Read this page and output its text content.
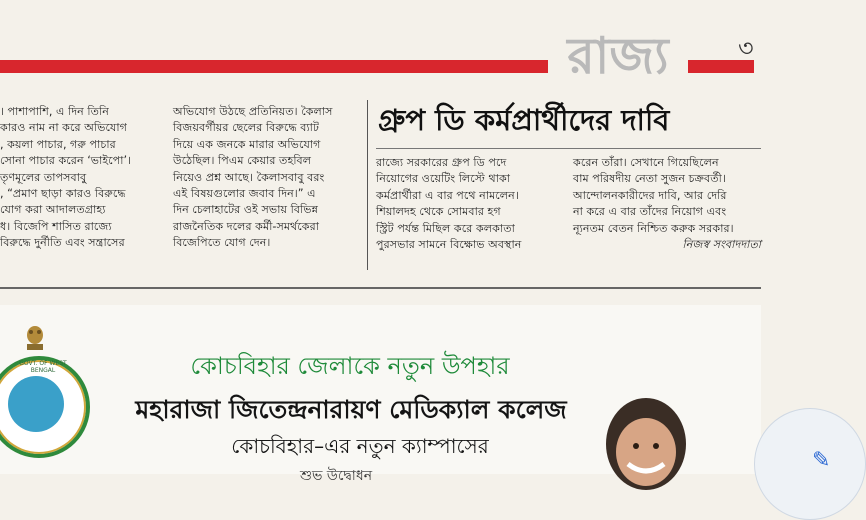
রাজ্য	৩
। পাশাপাশি, এ দিন তিনি
কারও নাম না করে অভিযোগ
, কয়লা পাচার, গরু পাচার
সোনা পাচার করেন ‘ভাইপো’।
তৃণমূলের তাপসবাবু
, “প্রমাণ ছাড়া কারও বিরুদ্ধে
যোগ করা আদালতগ্রাহ্য
ধ। বিজেপি শাসিত রাজ্যে
বিরুদ্ধে দুর্নীতি এবং সন্ত্রাসের
অভিযোগ উঠছে প্রতিনিয়ত। কৈলাস
বিজয়বর্গীয়র ছেলের বিরুদ্ধে ব্যাট
দিয়ে এক জনকে মারার অভিযোগ
উঠেছিল। পিএম কেয়ার তহবিল
নিয়েও প্রশ্ন আছে। কৈলাসবাবু বরং
এই বিষয়গুলোর জবাব দিন।” এ
দিন চেলাহাটের ওই সভায় বিভিন্ন
রাজনৈতিক দলের কর্মী-সমর্থকেরা
বিজেপিতে যোগ দেন।
গ্রুপ ডি কর্মপ্রার্থীদের দাবি
রাজ্যে সরকারের গ্রুপ ডি পদে
নিয়োগের ওয়েটিং লিস্টে থাকা
কর্মপ্রার্থীরা এ বার পথে নামলেন।
শিয়ালদহ থেকে সোমবার হগ
স্ট্রিট পর্যন্ত মিছিল করে কলকাতা
পুরসভার সামনে বিক্ষোভ অবস্থান
করেন তাঁরা। সেখানে গিয়েছিলেন
বাম পরিষদীয় নেতা সুজন চক্রবর্তী।
আন্দোলনকারীদের দাবি, আর দেরি
না করে এ বার তাঁদের নিয়োগ এবং
ন্যূনতম বেতন নিশ্চিত করুক সরকার।
নিজস্ব সংবাদদাতা
GOVT. OF WEST BENGAL	কোচবিহার জেলাকে নতুন উপহার
মহারাজা জিতেন্দ্রনারায়ণ মেডিক্যাল কলেজ
কোচবিহার–এর নতুন ক্যাম্পাসের
শুভ উদ্বোধন
✎
